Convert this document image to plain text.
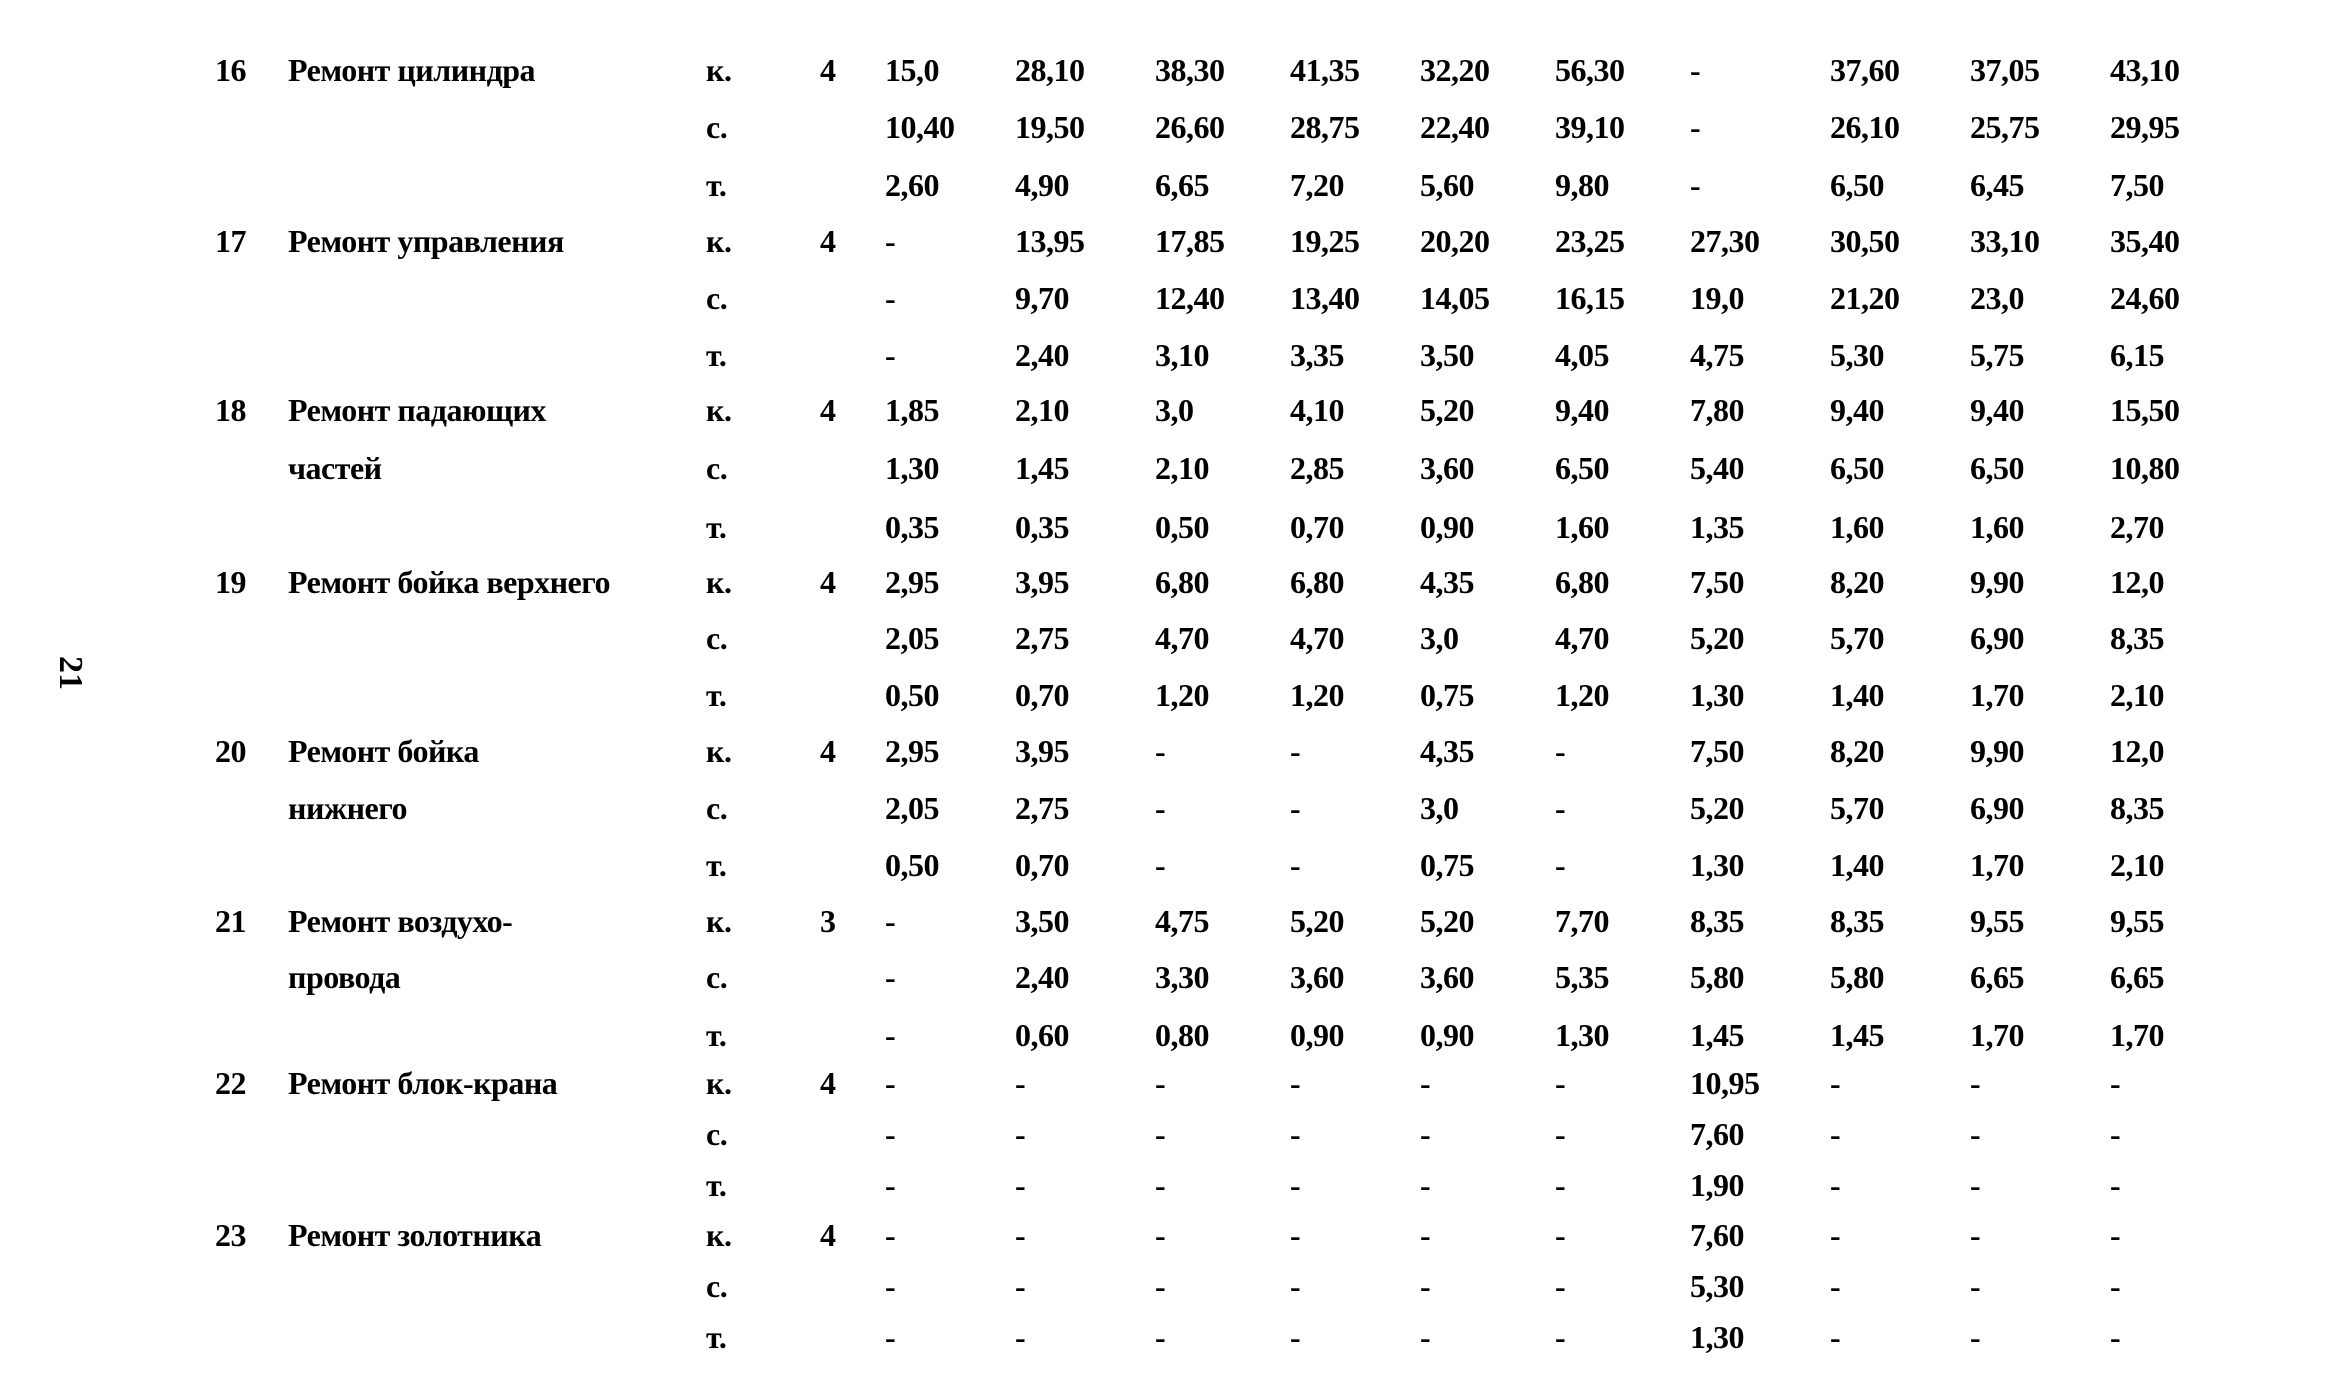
21
16 Ремонт цилиндра	4
к.	15,0 28,10 38,30 41,35 32,20 56,30 -	37,60 37,05 43,10
с.	10,40 19,50 26,60 28,75 22,40 39,10 -	26,10 25,75 29,95
т.	2,60 4,90	6,65	7,20 5,60	9,80	-	6,50	6,45	7,50
17 Ремонт управления	4
к.	-	13,95 17,85 19,25 20,20 23,25 27,30 30,50 33,10 35,40
с.	-	9,70	12,40 13,40 14,05 16,15 19,0	21,20 23,0	24,60
т.	-	2,40	3,10	3,35 3,50	4,05	4,75	5,30	5,75	6,15
18 Ремонт падающих
частей
4
к.	1,85 2,10	3,0	4,10 5,20	9,40	7,80	9,40	9,40	15,50
с.	1,30 1,45	2,10	2,85 3,60	6,50	5,40	6,50	6,50	10,80
т.	0,35 0,35	0,50	0,70 0,90	1,60	1,35	1,60	1,60	2,70
19 Ремонт бойка верхнего	4
к.	2,95 3,95	6,80	6,80 4,35	6,80	7,50	8,20	9,90	12,0
с.	2,05 2,75	4,70	4,70 3,0	4,70	5,20	5,70	6,90	8,35
т.	0,50 0,70	1,20	1,20 0,75	1,20	1,30	1,40	1,70	2,10
20 Ремонт бойка
нижнего
4
к.	2,95 3,95	-	-	4,35	-	7,50	8,20	9,90	12,0
с.	2,05 2,75	-	-	3,0	-	5,20	5,70	6,90	8,35
т.	0,50 0,70	-	-	0,75	-	1,30	1,40	1,70	2,10
21 Ремонт воздухо-
провода
3
к.	-	3,50	4,75	5,20 5,20	7,70	8,35	8,35	9,55	9,55
с.	-	2,40	3,30	3,60 3,60	5,35	5,80	5,80	6,65	6,65
т.	-	0,60	0,80	0,90 0,90	1,30	1,45	1,45	1,70	1,70
22 Ремонт блок-крана	4
к.	-	-	-	-	-	-	10,95 -	-	-
с.	-	-	-	-	-	-	7,60	-	-	-
т.	-	-	-	-	-	-	1,90	-	-	-
23 Ремонт золотника	4
к.	-	-	-	-	-	-	7,60	-	-	-
с.	-	-	-	-	-	-	5,30	-	-	-
т.	-	-	-	-	-	-	1,30	-	-	-
